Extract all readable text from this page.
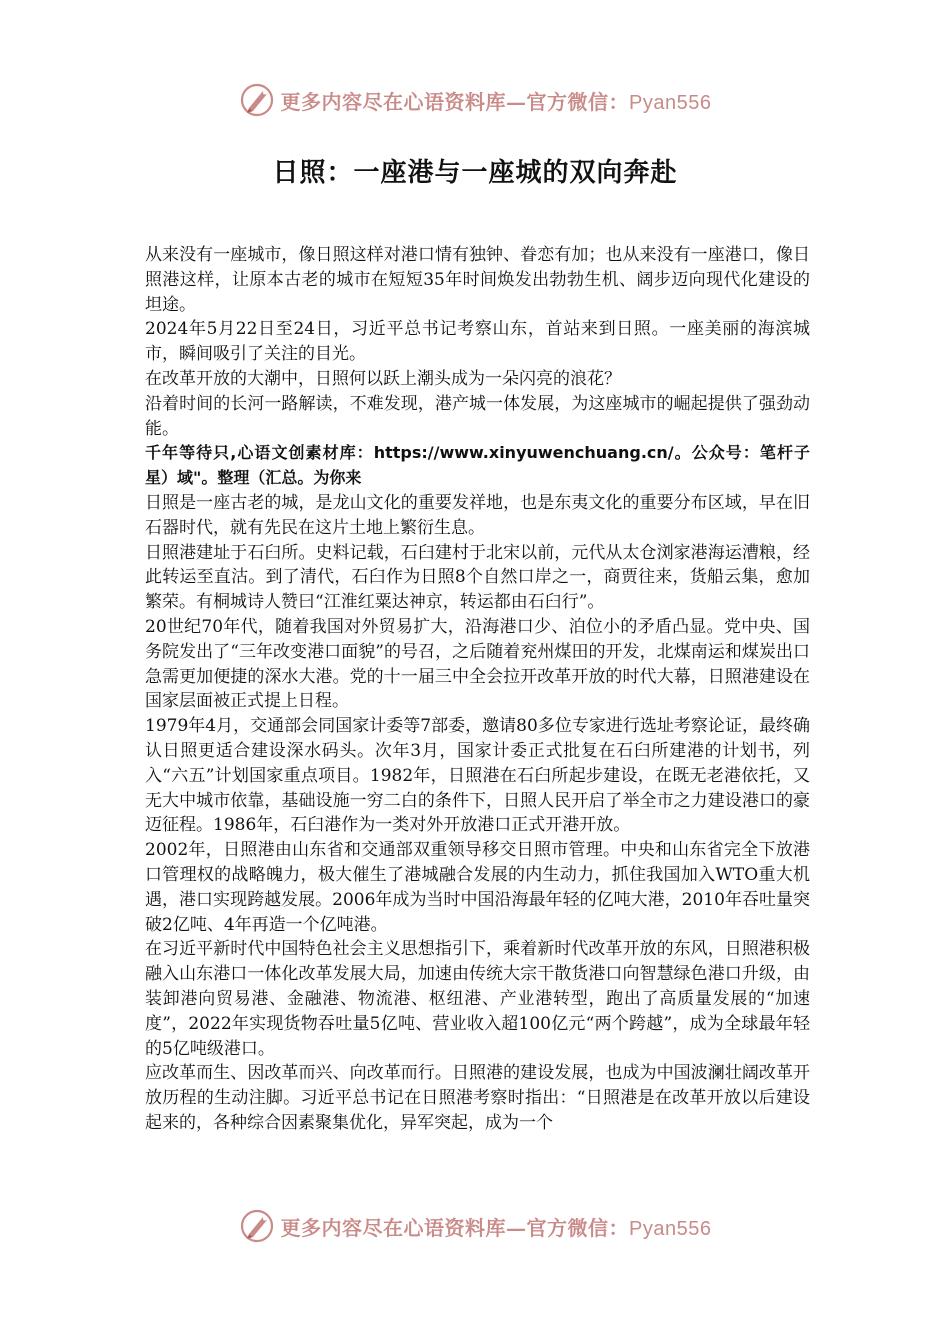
更多内容尽在心语资料库—官方微信：Pyan556
日照：一座港与一座城的双向奔赴

从来没有一座城市，像日照这样对港口情有独钟、眷恋有加；也从来没有一座港口，像日照港这样，让原本古老的城市在短短35年时间焕发出勃勃生机、阔步迈向现代化建设的坦途。

2024年5月22日至24日，习近平总书记考察山东，首站来到日照。一座美丽的海滨城市，瞬间吸引了关注的目光。

在改革开放的大潮中，日照何以跃上潮头成为一朵闪亮的浪花？

沿着时间的长河一路解读，不难发现，港产城一体发展，为这座城市的崛起提供了强劲动能。

千年等待只,心语文创素材库：https://www.xinyuwenchuang.cn/。公众号：笔杆子星）域"。整理（汇总。为你来

日照是一座古老的城，是龙山文化的重要发祥地，也是东夷文化的重要分布区域，早在旧石器时代，就有先民在这片土地上繁衍生息。

日照港建址于石臼所。史料记载，石臼建村于北宋以前，元代从太仓浏家港海运漕粮，经此转运至直沽。到了清代，石臼作为日照8个自然口岸之一，商贾往来，货船云集，愈加繁荣。有桐城诗人赞曰“江淮红粟达神京，转运都由石臼行”。

20世纪70年代，随着我国对外贸易扩大，沿海港口少、泊位小的矛盾凸显。党中央、国务院发出了“三年改变港口面貌”的号召，之后随着兖州煤田的开发，北煤南运和煤炭出口急需更加便捷的深水大港。党的十一届三中全会拉开改革开放的时代大幕，日照港建设在国家层面被正式提上日程。

1979年4月，交通部会同国家计委等7部委，邀请80多位专家进行选址考察论证，最终确认日照更适合建设深水码头。次年3月，国家计委正式批复在石臼所建港的计划书，列入“六五”计划国家重点项目。1982年，日照港在石臼所起步建设，在既无老港依托，又无大中城市依靠，基础设施一穷二白的条件下，日照人民开启了举全市之力建设港口的豪迈征程。1986年，石臼港作为一类对外开放港口正式开港开放。

2002年，日照港由山东省和交通部双重领导移交日照市管理。中央和山东省完全下放港口管理权的战略魄力，极大催生了港城融合发展的内生动力，抓住我国加入WTO重大机遇，港口实现跨越发展。2006年成为当时中国沿海最年轻的亿吨大港，2010年吞吐量突破2亿吨、4年再造一个亿吨港。

在习近平新时代中国特色社会主义思想指引下，乘着新时代改革开放的东风，日照港积极融入山东港口一体化改革发展大局，加速由传统大宗干散货港口向智慧绿色港口升级，由装卸港向贸易港、金融港、物流港、枢纽港、产业港转型，跑出了高质量发展的“加速度”，2022年实现货物吞吐量5亿吨、营业收入超100亿元“两个跨越”，成为全球最年轻的5亿吨级港口。

应改革而生、因改革而兴、向改革而行。日照港的建设发展，也成为中国波澜壮阔改革开放历程的生动注脚。习近平总书记在日照港考察时指出：“日照港是在改革开放以后建设起来的，各种综合因素聚集优化，异军突起，成为一个

更多内容尽在心语资料库—官方微信：Pyan556
